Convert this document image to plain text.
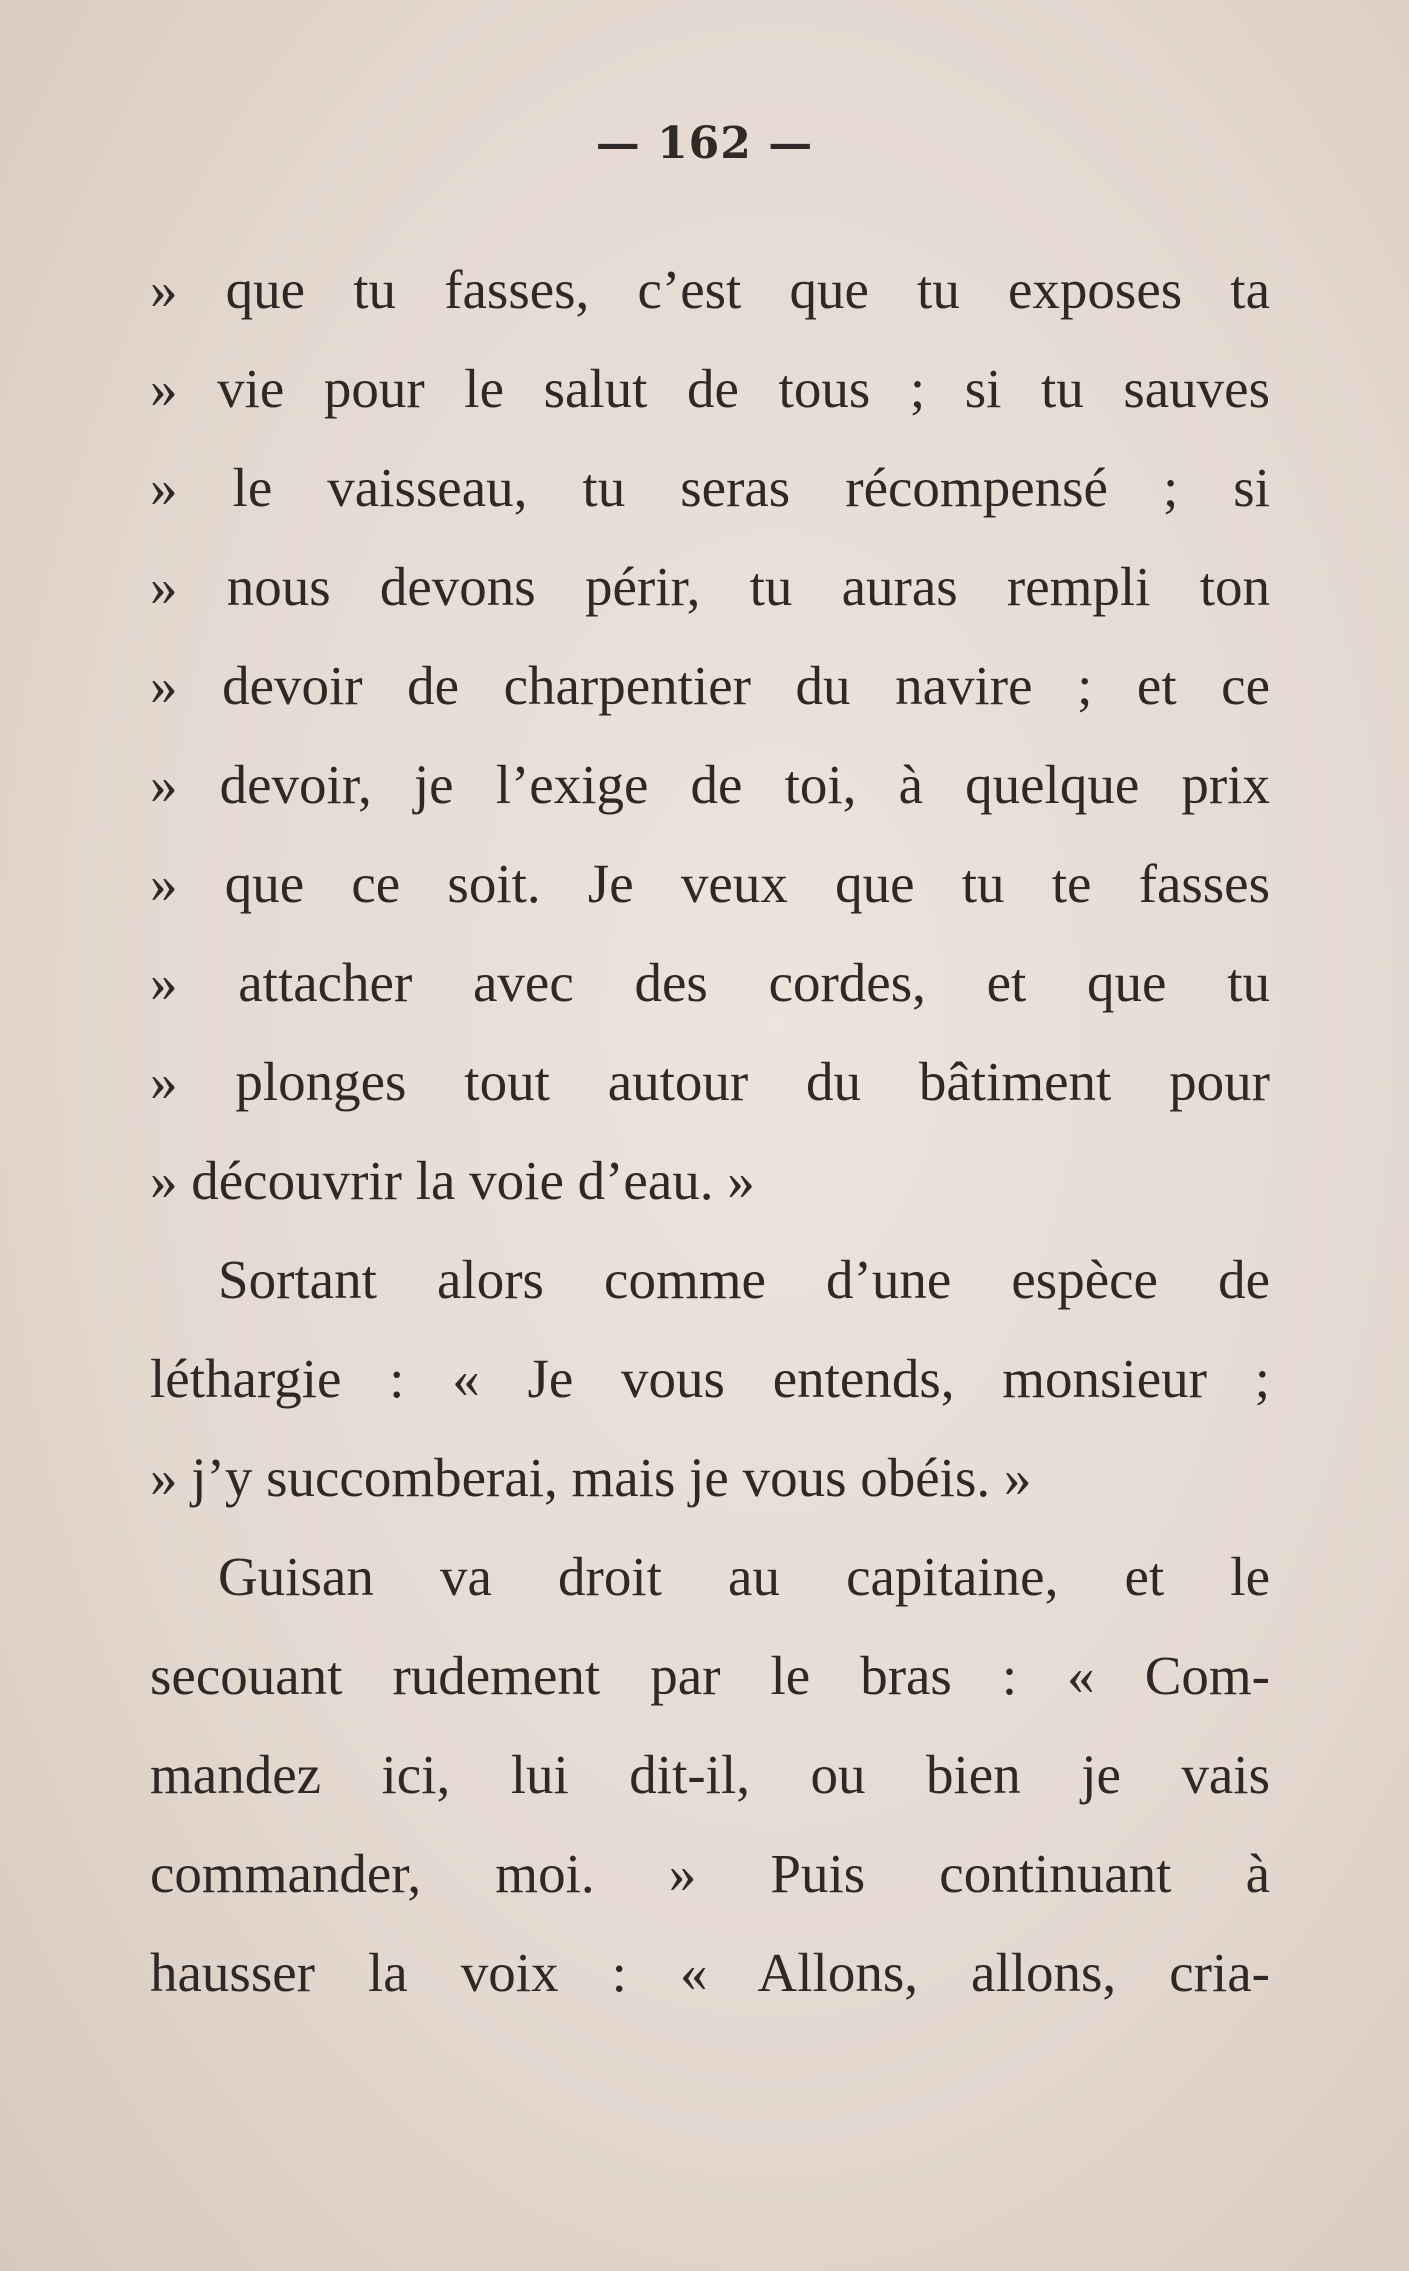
— 162 —
» que tu fasses, c’est que tu exposes ta
» vie pour le salut de tous ; si tu sauves
» le vaisseau, tu seras récompensé ; si
» nous devons périr, tu auras rempli ton
» devoir de charpentier du navire ; et ce
» devoir, je l’exige de toi, à quelque prix
» que ce soit. Je veux que tu te fasses
» attacher avec des cordes, et que tu
» plonges tout autour du bâtiment pour
» découvrir la voie d’eau. »
Sortant alors comme d’une espèce de
léthargie : « Je vous entends, monsieur ;
» j’y succomberai, mais je vous obéis. »
Guisan va droit au capitaine, et le
secouant rudement par le bras : « Com-
mandez ici, lui dit-il, ou bien je vais
commander, moi. » Puis continuant à
hausser la voix : « Allons, allons, cria-
